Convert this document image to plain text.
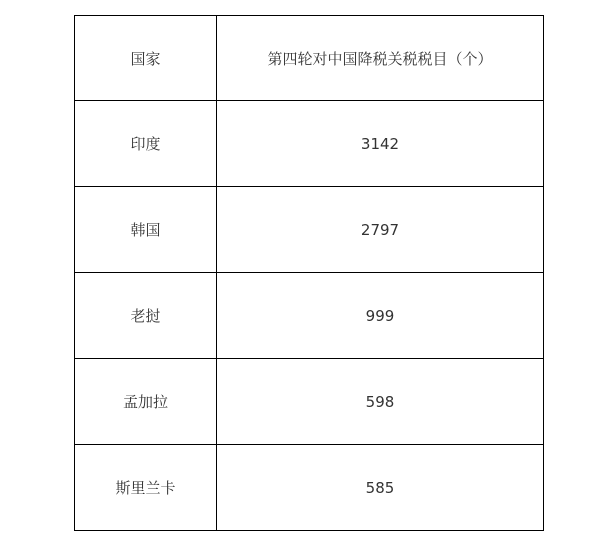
国家	第四轮对中国降税关税税目（个）
印度	3142
韩国	2797
老挝	999
孟加拉	598
斯里兰卡	585
